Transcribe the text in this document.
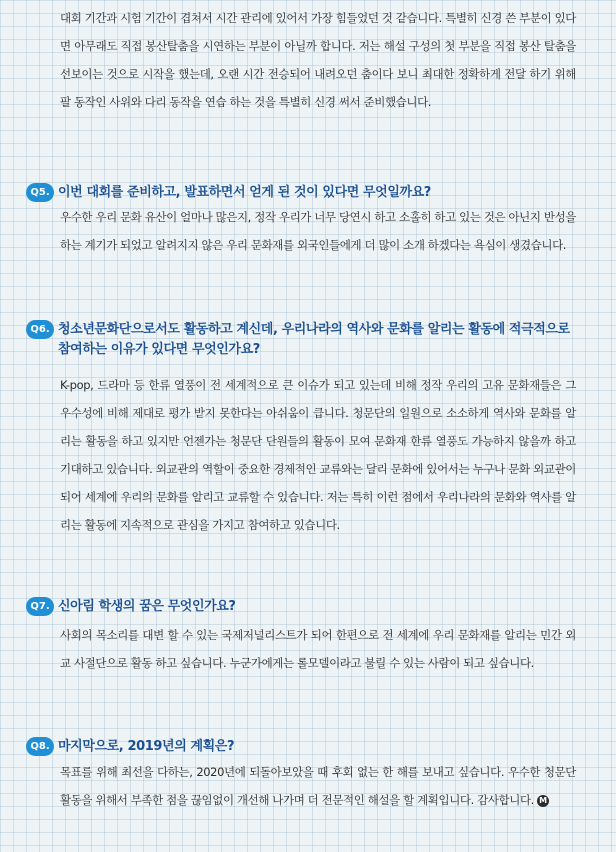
대회 기간과 시험 기간이 겹쳐서 시간 관리에 있어서 가장 힘들었던 것 같습니다. 특별히 신경 쓴 부분이 있다면 아무래도 직접 봉산탈춤을 시연하는 부분이 아닐까 합니다. 저는 해설 구성의 첫 부분을 직접 봉산 탈춤을 선보이는 것으로 시작을 했는데, 오랜 시간 전승되어 내려오던 춤이다 보니 최대한 정확하게 전달 하기 위해 팔 동작인 사위와 다리 동작을 연습 하는 것을 특별히 신경 써서 준비했습니다.

Q5. 이번 대회를 준비하고, 발표하면서 얻게 된 것이 있다면 무엇일까요?

우수한 우리 문화 유산이 얼마나 많은지, 정작 우리가 너무 당연시 하고 소홀히 하고 있는 것은 아닌지 반성을 하는 계기가 되었고 알려지지 않은 우리 문화재를 외국인들에게 더 많이 소개 하겠다는 욕심이 생겼습니다.

Q6. 청소년문화단으로서도 활동하고 계신데, 우리나라의 역사와 문화를 알리는 활동에 적극적으로 참여하는 이유가 있다면 무엇인가요?

K-pop, 드라마 등 한류 열풍이 전 세계적으로 큰 이슈가 되고 있는데 비해 정작 우리의 고유 문화재들은 그 우수성에 비해 제대로 평가 받지 못한다는 아쉬움이 큽니다. 청문단의 일원으로 소소하게 역사와 문화를 알리는 활동을 하고 있지만 언젠가는 청문단 단원들의 활동이 모여 문화재 한류 열풍도 가능하지 않을까 하고 기대하고 있습니다. 외교관의 역할이 중요한 경제적인 교류와는 달리 문화에 있어서는 누구나 문화 외교관이 되어 세계에 우리의 문화를 알리고 교류할 수 있습니다. 저는 특히 이런 점에서 우리나라의 문화와 역사를 알리는 활동에 지속적으로 관심을 가지고 참여하고 있습니다.

Q7. 신아림 학생의 꿈은 무엇인가요?

사회의 목소리를 대변 할 수 있는 국제저널리스트가 되어 한편으로 전 세계에 우리 문화재를 알리는 민간 외교 사절단으로 활동 하고 싶습니다. 누군가에게는 롤모델이라고 불릴 수 있는 사람이 되고 싶습니다.

Q8. 마지막으로, 2019년의 계획은?

목표를 위해 최선을 다하는, 2020년에 되돌아보았을 때 후회 없는 한 해를 보내고 싶습니다. 우수한 청문단 활동을 위해서 부족한 점을 끊임없이 개선해 나가며 더 전문적인 해설을 할 계획입니다. 감사합니다. M
